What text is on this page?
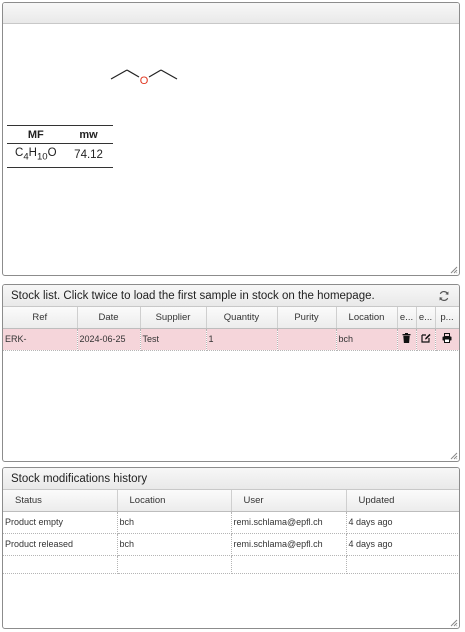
O
MF	mw
$C_4H_{10}O$	74.12
Stock list. Click twice to load the first sample in stock on the homepage.
Ref	Date	Supplier	Quantity	Purity	Location	e...	e...	p...
ERK-	2024-06-25	Test	1		bch			
Stock modifications history
Status	Location	User	Updated
Product empty	bch	remi.schlama@epfl.ch	4 days ago
Product released	bch	remi.schlama@epfl.ch	4 days ago
